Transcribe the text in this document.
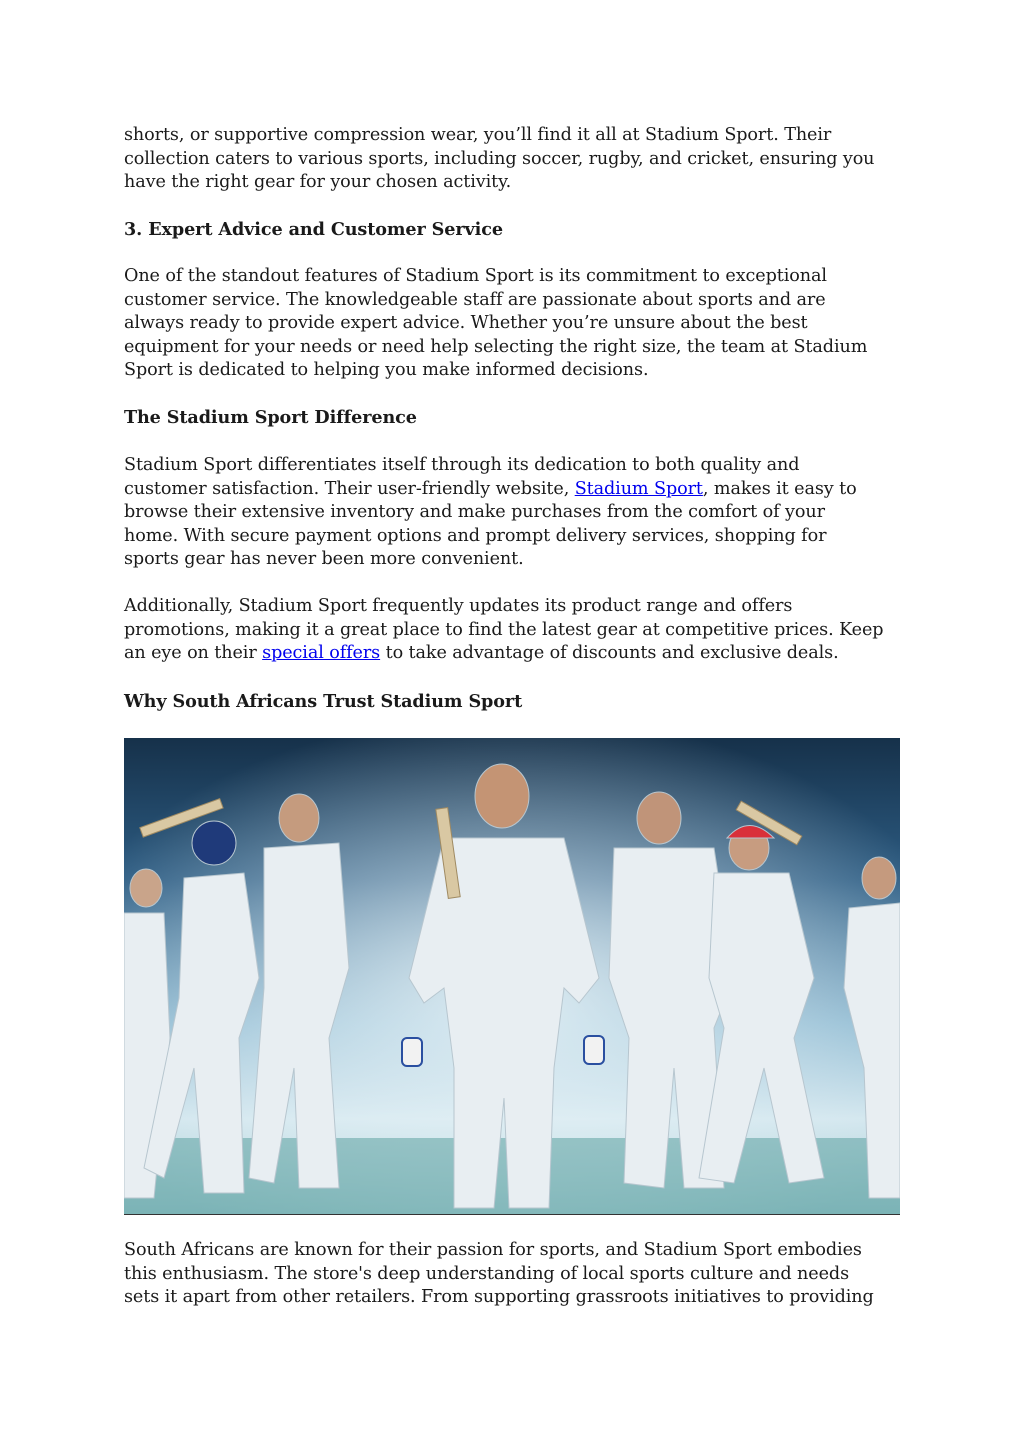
shorts, or supportive compression wear, you’ll find it all at Stadium Sport. Their
collection caters to various sports, including soccer, rugby, and cricket, ensuring you
have the right gear for your chosen activity.

3. Expert Advice and Customer Service

One of the standout features of Stadium Sport is its commitment to exceptional
customer service. The knowledgeable staff are passionate about sports and are
always ready to provide expert advice. Whether you’re unsure about the best
equipment for your needs or need help selecting the right size, the team at Stadium
Sport is dedicated to helping you make informed decisions.

The Stadium Sport Difference

Stadium Sport differentiates itself through its dedication to both quality and
customer satisfaction. Their user-friendly website, Stadium Sport, makes it easy to
browse their extensive inventory and make purchases from the comfort of your
home. With secure payment options and prompt delivery services, shopping for
sports gear has never been more convenient.

Additionally, Stadium Sport frequently updates its product range and offers
promotions, making it a great place to find the latest gear at competitive prices. Keep
an eye on their special offers to take advantage of discounts and exclusive deals.

Why South Africans Trust Stadium Sport

South Africans are known for their passion for sports, and Stadium Sport embodies
this enthusiasm. The store's deep understanding of local sports culture and needs
sets it apart from other retailers. From supporting grassroots initiatives to providing
